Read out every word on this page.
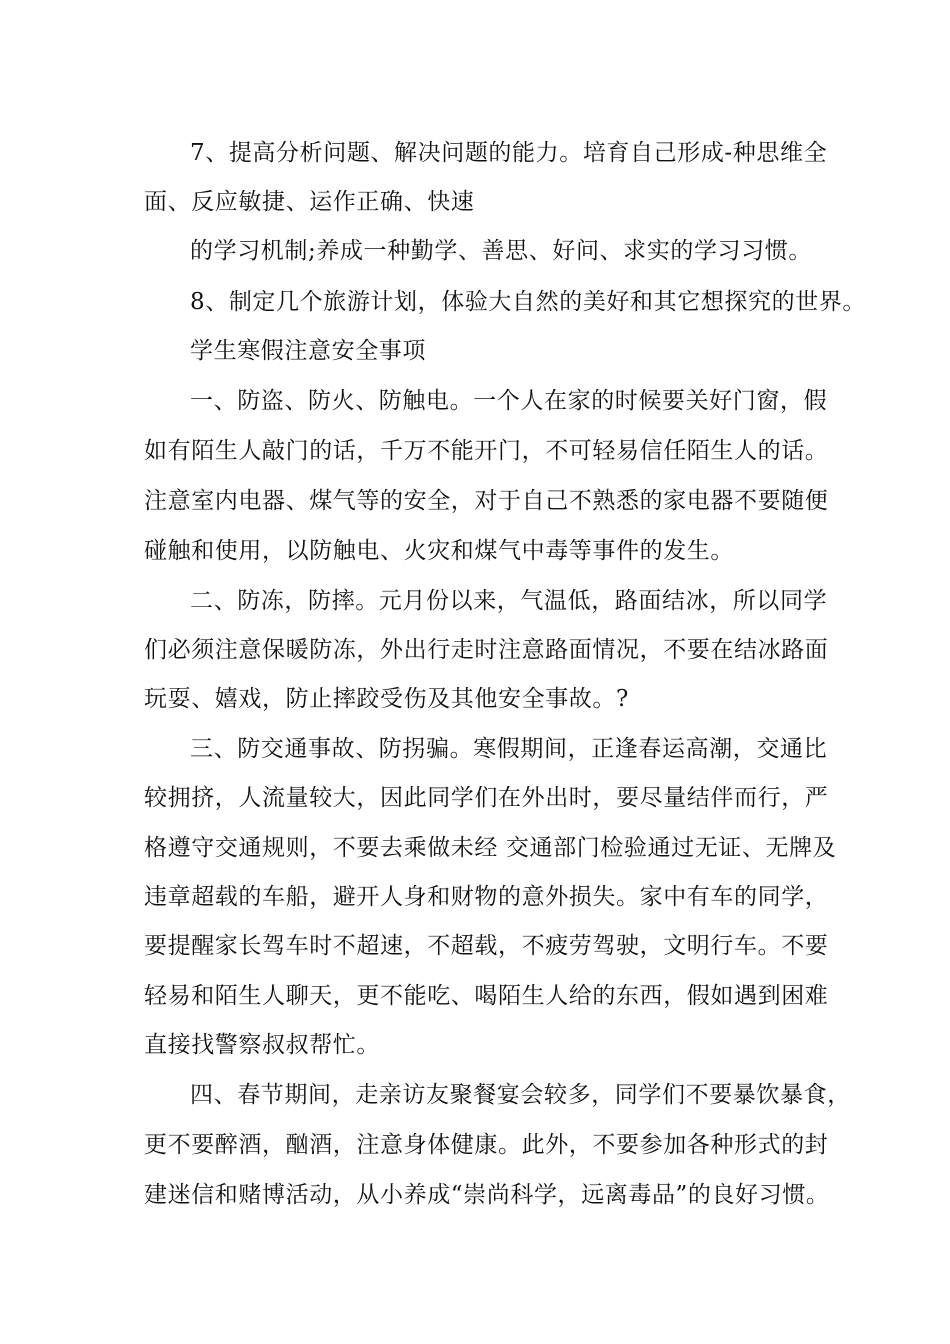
7、提高分析问题、解决问题的能力。培育自己形成-种思维全
面、反应敏捷、运作正确、快速
的学习机制;养成一种勤学、善思、好问、求实的学习习惯。
8、制定几个旅游计划，体验大自然的美好和其它想探究的世界。
学生寒假注意安全事项
一、防盗、防火、防触电。一个人在家的时候要关好门窗，假
如有陌生人敲门的话，千万不能开门，不可轻易信任陌生人的话。
注意室内电器、煤气等的安全，对于自己不熟悉的家电器不要随便
碰触和使用，以防触电、火灾和煤气中毒等事件的发生。
二、防冻，防摔。元月份以来，气温低，路面结冰，所以同学
们必须注意保暖防冻，外出行走时注意路面情况，不要在结冰路面
玩耍、嬉戏，防止摔跤受伤及其他安全事故。?
三、防交通事故、防拐骗。寒假期间，正逢春运高潮，交通比
较拥挤，人流量较大，因此同学们在外出时，要尽量结伴而行，严
格遵守交通规则，不要去乘做未经 交通部门检验通过无证、无牌及
违章超载的车船，避开人身和财物的意外损失。家中有车的同学，
要提醒家长驾车时不超速，不超载，不疲劳驾驶，文明行车。不要
轻易和陌生人聊天，更不能吃、喝陌生人给的东西，假如遇到困难
直接找警察叔叔帮忙。
四、春节期间，走亲访友聚餐宴会较多，同学们不要暴饮暴食，
更不要醉酒，酗酒，注意身体健康。此外，不要参加各种形式的封
建迷信和赌博活动，从小养成“崇尚科学，远离毒品”的良好习惯。
